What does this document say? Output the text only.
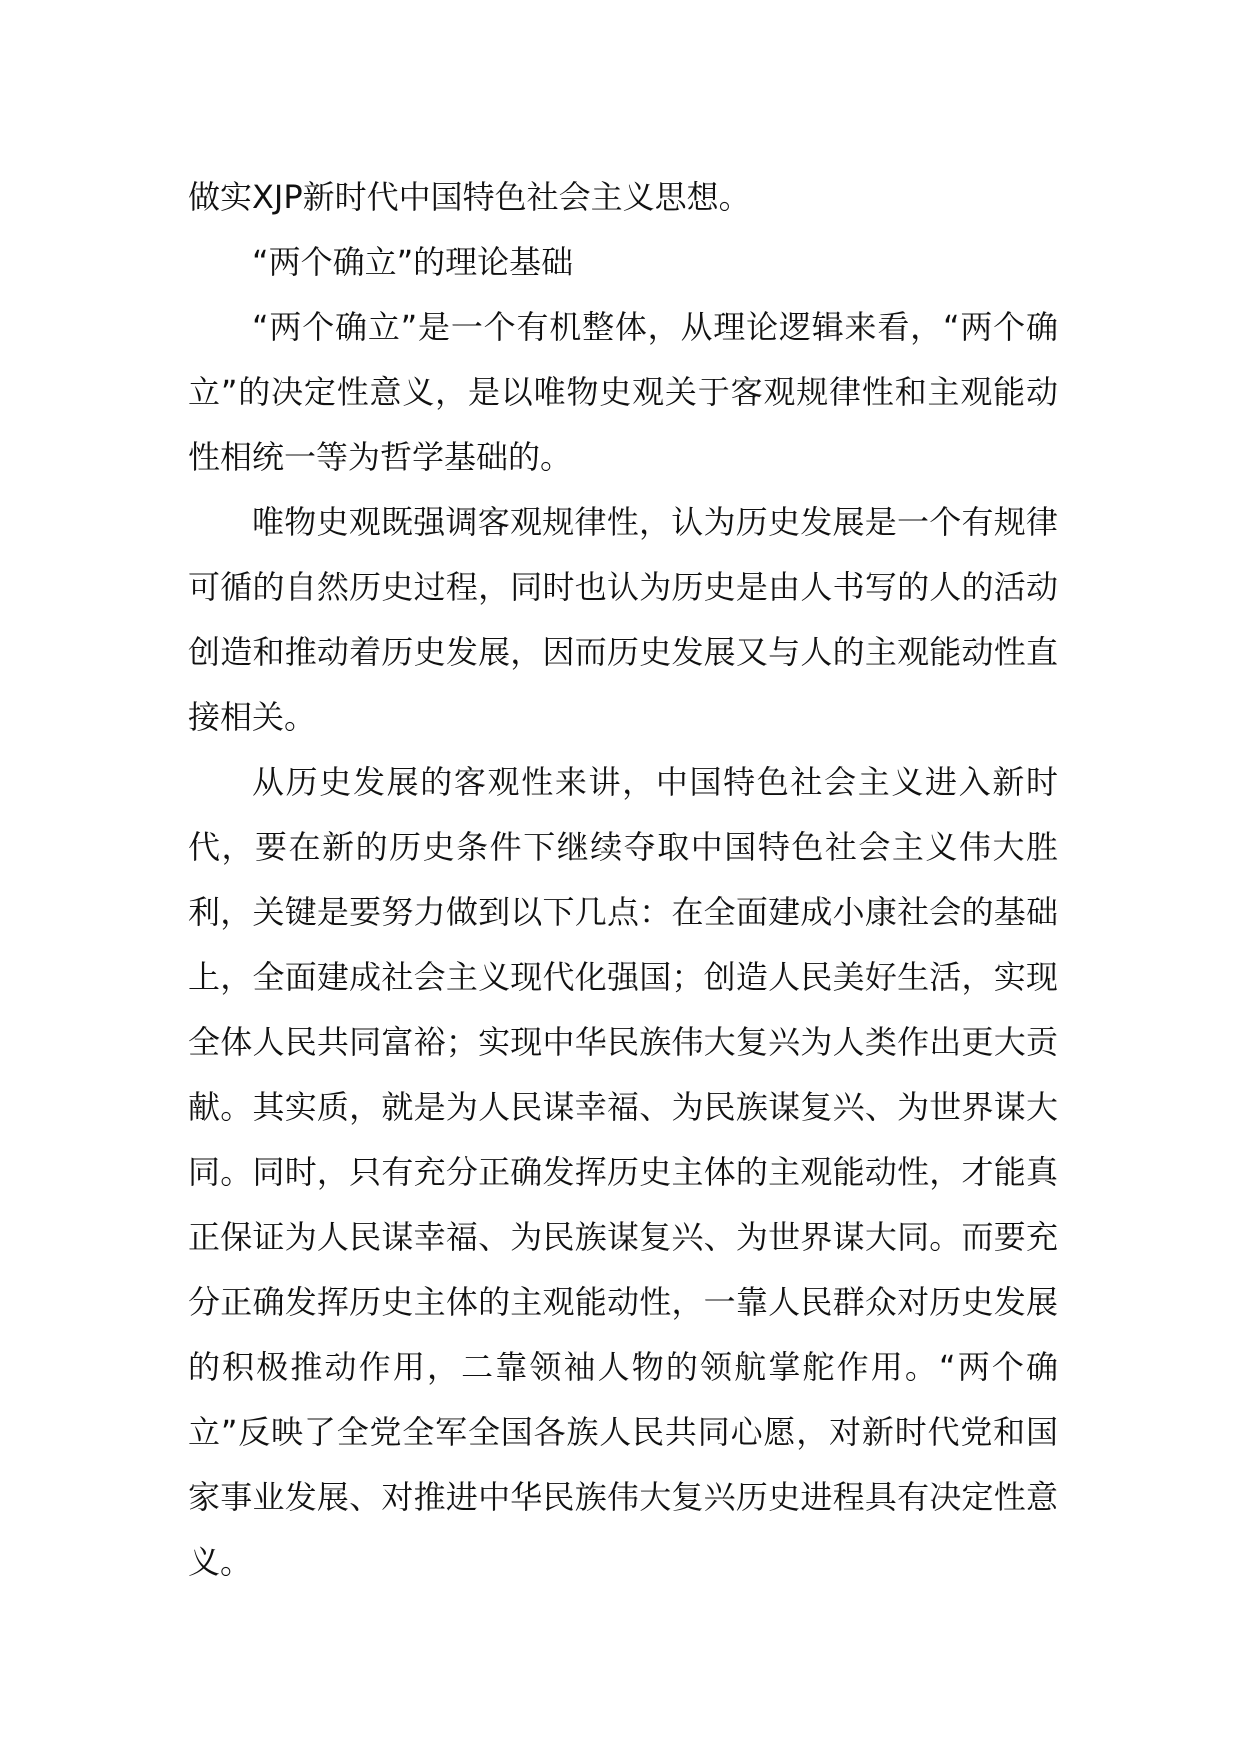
做实XJP新时代中国特色社会主义思想。

“两个确立”的理论基础

“两个确立”是一个有机整体，从理论逻辑来看，“两个确立”的决定性意义，是以唯物史观关于客观规律性和主观能动性相统一等为哲学基础的。

唯物史观既强调客观规律性，认为历史发展是一个有规律可循的自然历史过程，同时也认为历史是由人书写的人的活动创造和推动着历史发展，因而历史发展又与人的主观能动性直接相关。

从历史发展的客观性来讲，中国特色社会主义进入新时代，要在新的历史条件下继续夺取中国特色社会主义伟大胜利，关键是要努力做到以下几点：在全面建成小康社会的基础上，全面建成社会主义现代化强国；创造人民美好生活，实现全体人民共同富裕；实现中华民族伟大复兴为人类作出更大贡献。其实质，就是为人民谋幸福、为民族谋复兴、为世界谋大同。同时，只有充分正确发挥历史主体的主观能动性，才能真正保证为人民谋幸福、为民族谋复兴、为世界谋大同。而要充分正确发挥历史主体的主观能动性，一靠人民群众对历史发展的积极推动作用，二靠领袖人物的领航掌舵作用。“两个确立”反映了全党全军全国各族人民共同心愿，对新时代党和国家事业发展、对推进中华民族伟大复兴历史进程具有决定性意义。
